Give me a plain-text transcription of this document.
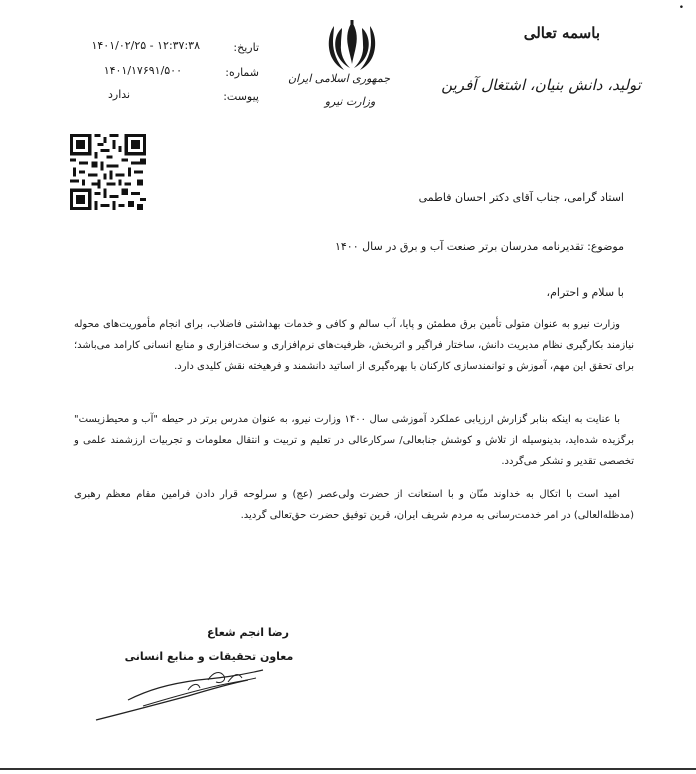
•
باسمه تعالی
تولید، دانش بنیان، اشتغال آفرین
جمهوری اسلامی ایران
وزارت نیرو
تاریخ:
۱۴۰۱/۰۲/۲۵ - ۱۲:۳۷:۳۸
شماره:
۱۴۰۱/۱۷۶۹۱/۵۰۰
پیوست:
ندارد
استاد گرامی، جناب آقای دکتر احسان فاطمی
موضوع: تقدیرنامه مدرسان برتر صنعت آب و برق در سال ۱۴۰۰
با سلام و احترام،
وزارت نیرو به عنوان متولی تأمین برق مطمئن و پایا، آب سالم و کافی و خدمات بهداشتی فاضلاب، برای انجام مأموریت‌های محوله نیازمند بکارگیری نظام مدیریت دانش، ساختار فراگیر و اثربخش، ظرفیت‌های نرم‌افزاری و سخت‌افزاری و منابع انسانی کارامد می‌باشد؛ برای تحقق این مهم، آموزش و توانمندسازی کارکنان با بهره‌گیری از اساتید دانشمند و فرهیخته نقش کلیدی دارد.
با عنایت به اینکه بنابر گزارش ارزیابی عملکرد آموزشی سال ۱۴۰۰ وزارت نیرو، به عنوان مدرس برتر در حیطه "آب و محیط‌زیست" برگزیده شده‌اید، بدینوسیله از تلاش و کوشش جنابعالی/ سرکارعالی در تعلیم و تربیت و انتقال معلومات و تجربیات ارزشمند علمی و تخصصی تقدیر و تشکر می‌گردد.
امید است با اتکال به خداوند منّان و با استعانت از حضرت ولی‌عصر (عج) و سرلوحه قرار دادن فرامین مقام معظم رهبری (مدظله‌العالی) در امر خدمت‌رسانی به مردم شریف ایران، قرین توفیق حضرت حق‌تعالی گردید.
رضا انجم شعاع
معاون تحقیقات و منابع انسانی
